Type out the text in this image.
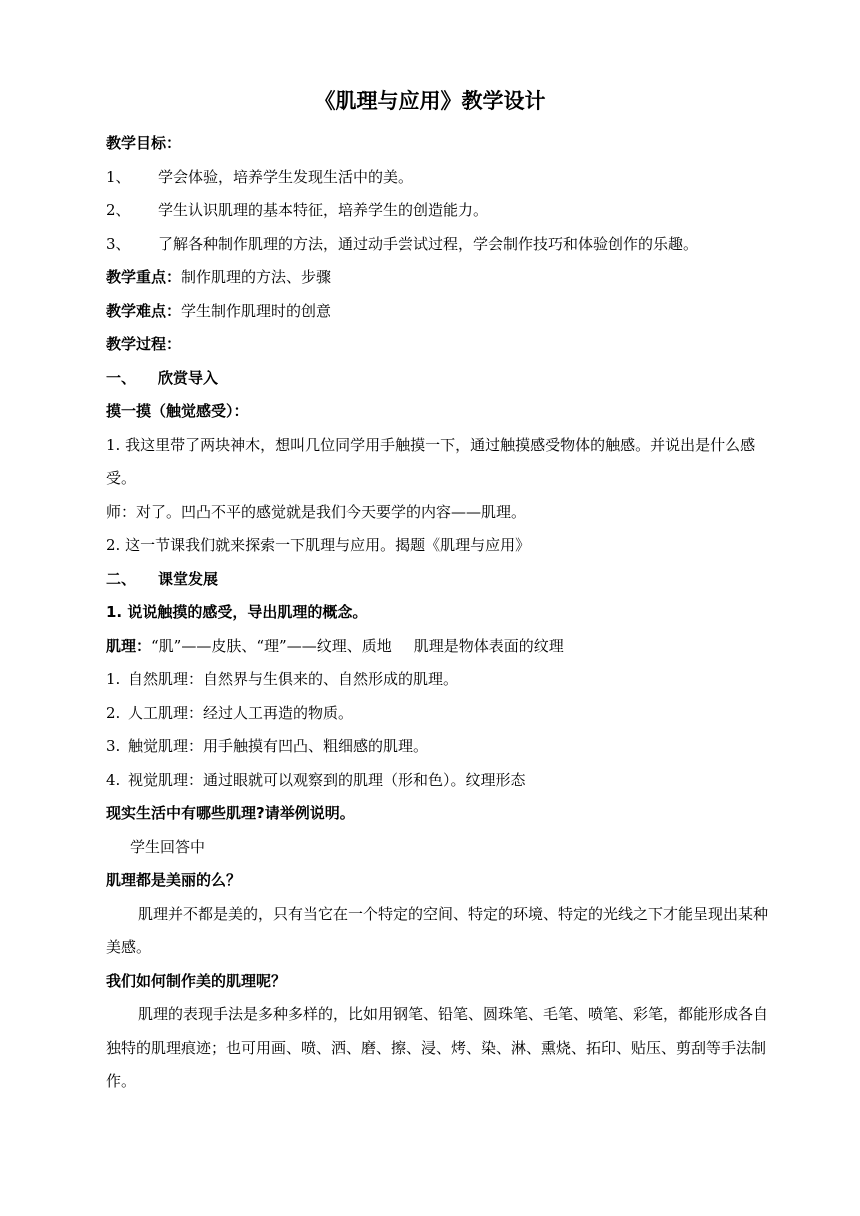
《肌理与应用》教学设计

教学目标：

1、 学会体验，培养学生发现生活中的美。

2、 学生认识肌理的基本特征，培养学生的创造能力。

3、 了解各种制作肌理的方法，通过动手尝试过程，学会制作技巧和体验创作的乐趣。

教学重点：制作肌理的方法、步骤

教学难点：学生制作肌理时的创意

教学过程：

一、 欣赏导入

摸一摸（触觉感受）：

1. 我这里带了两块神木，想叫几位同学用手触摸一下，通过触摸感受物体的触感。并说出是什么感受。

师：对了。凹凸不平的感觉就是我们今天要学的内容——肌理。

2. 这一节课我们就来探索一下肌理与应用。揭题《肌理与应用》

二、 课堂发展

1. 说说触摸的感受，导出肌理的概念。

肌理：“肌”——皮肤、“理”——纹理、质地 肌理是物体表面的纹理

1. 自然肌理：自然界与生俱来的、自然形成的肌理。

2. 人工肌理：经过人工再造的物质。

3. 触觉肌理：用手触摸有凹凸、粗细感的肌理。

4. 视觉肌理：通过眼就可以观察到的肌理（形和色）。纹理形态

现实生活中有哪些肌理?请举例说明。

学生回答中

肌理都是美丽的么？

肌理并不都是美的，只有当它在一个特定的空间、特定的环境、特定的光线之下才能呈现出某种美感。

我们如何制作美的肌理呢？

肌理的表现手法是多种多样的，比如用钢笔、铅笔、圆珠笔、毛笔、喷笔、彩笔，都能形成各自独特的肌理痕迹；也可用画、喷、洒、磨、擦、浸、烤、染、淋、熏烧、拓印、贴压、剪刮等手法制作。
